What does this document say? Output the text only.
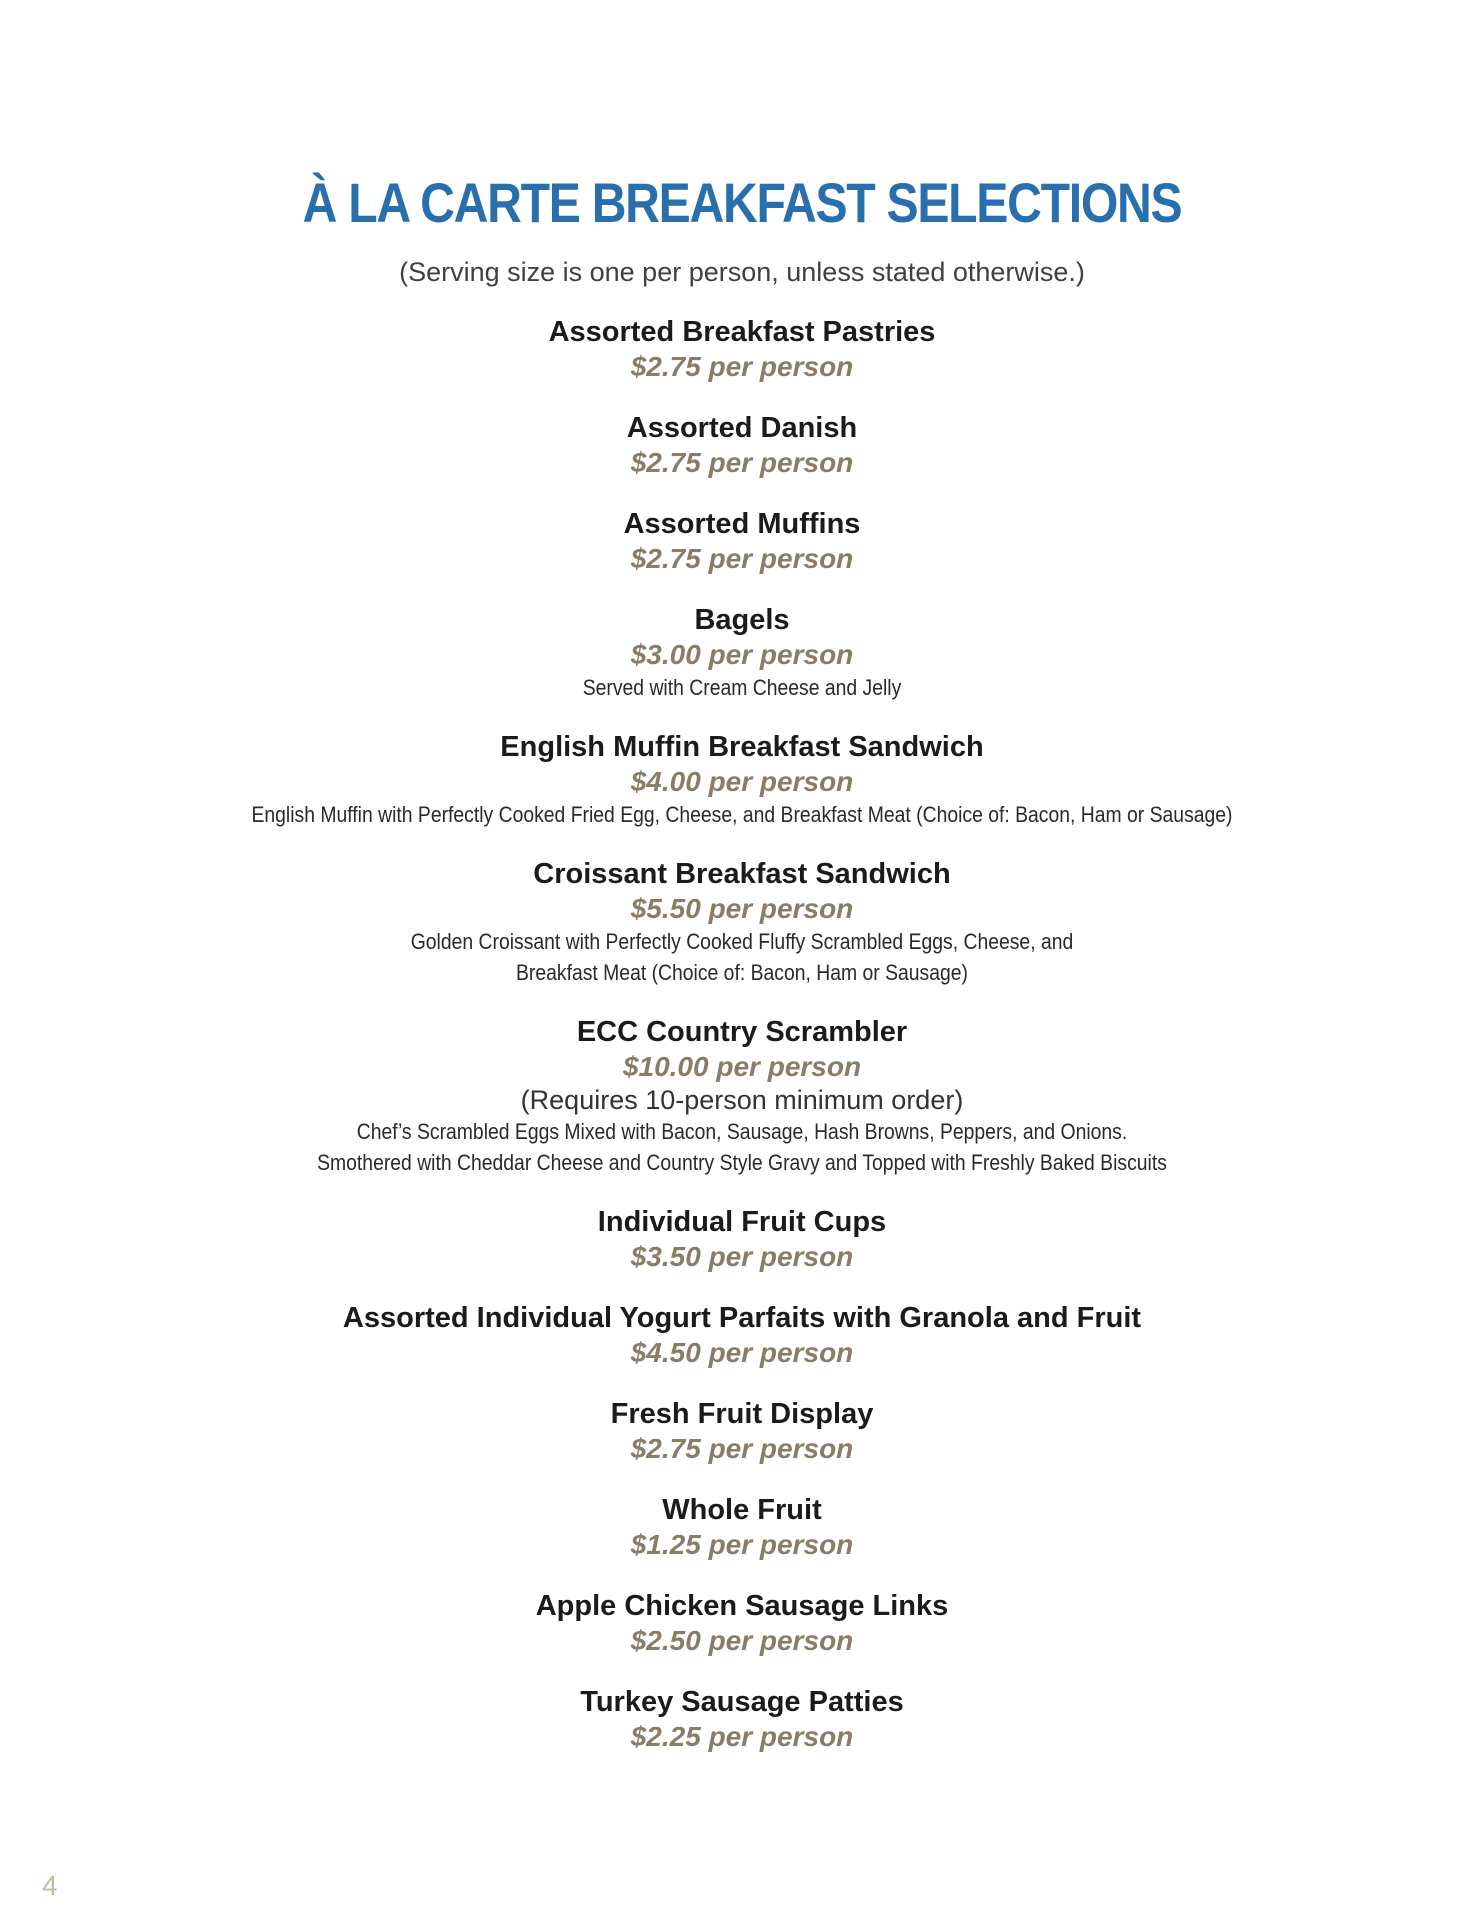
À LA CARTE BREAKFAST SELECTIONS
(Serving size is one per person, unless stated otherwise.)
Assorted Breakfast Pastries
$2.75 per person
Assorted Danish
$2.75 per person
Assorted Muffins
$2.75 per person
Bagels
$3.00 per person
Served with Cream Cheese and Jelly
English Muffin Breakfast Sandwich
$4.00 per person
English Muffin with Perfectly Cooked Fried Egg, Cheese, and Breakfast Meat (Choice of: Bacon, Ham or Sausage)
Croissant Breakfast Sandwich
$5.50 per person
Golden Croissant with Perfectly Cooked Fluffy Scrambled Eggs, Cheese, and
Breakfast Meat (Choice of: Bacon, Ham or Sausage)
ECC Country Scrambler
$10.00 per person
(Requires 10-person minimum order)
Chef’s Scrambled Eggs Mixed with Bacon, Sausage, Hash Browns, Peppers, and Onions.
Smothered with Cheddar Cheese and Country Style Gravy and Topped with Freshly Baked Biscuits
Individual Fruit Cups
$3.50 per person
Assorted Individual Yogurt Parfaits with Granola and Fruit
$4.50 per person
Fresh Fruit Display
$2.75 per person
Whole Fruit
$1.25 per person
Apple Chicken Sausage Links
$2.50 per person
Turkey Sausage Patties
$2.25 per person
4
